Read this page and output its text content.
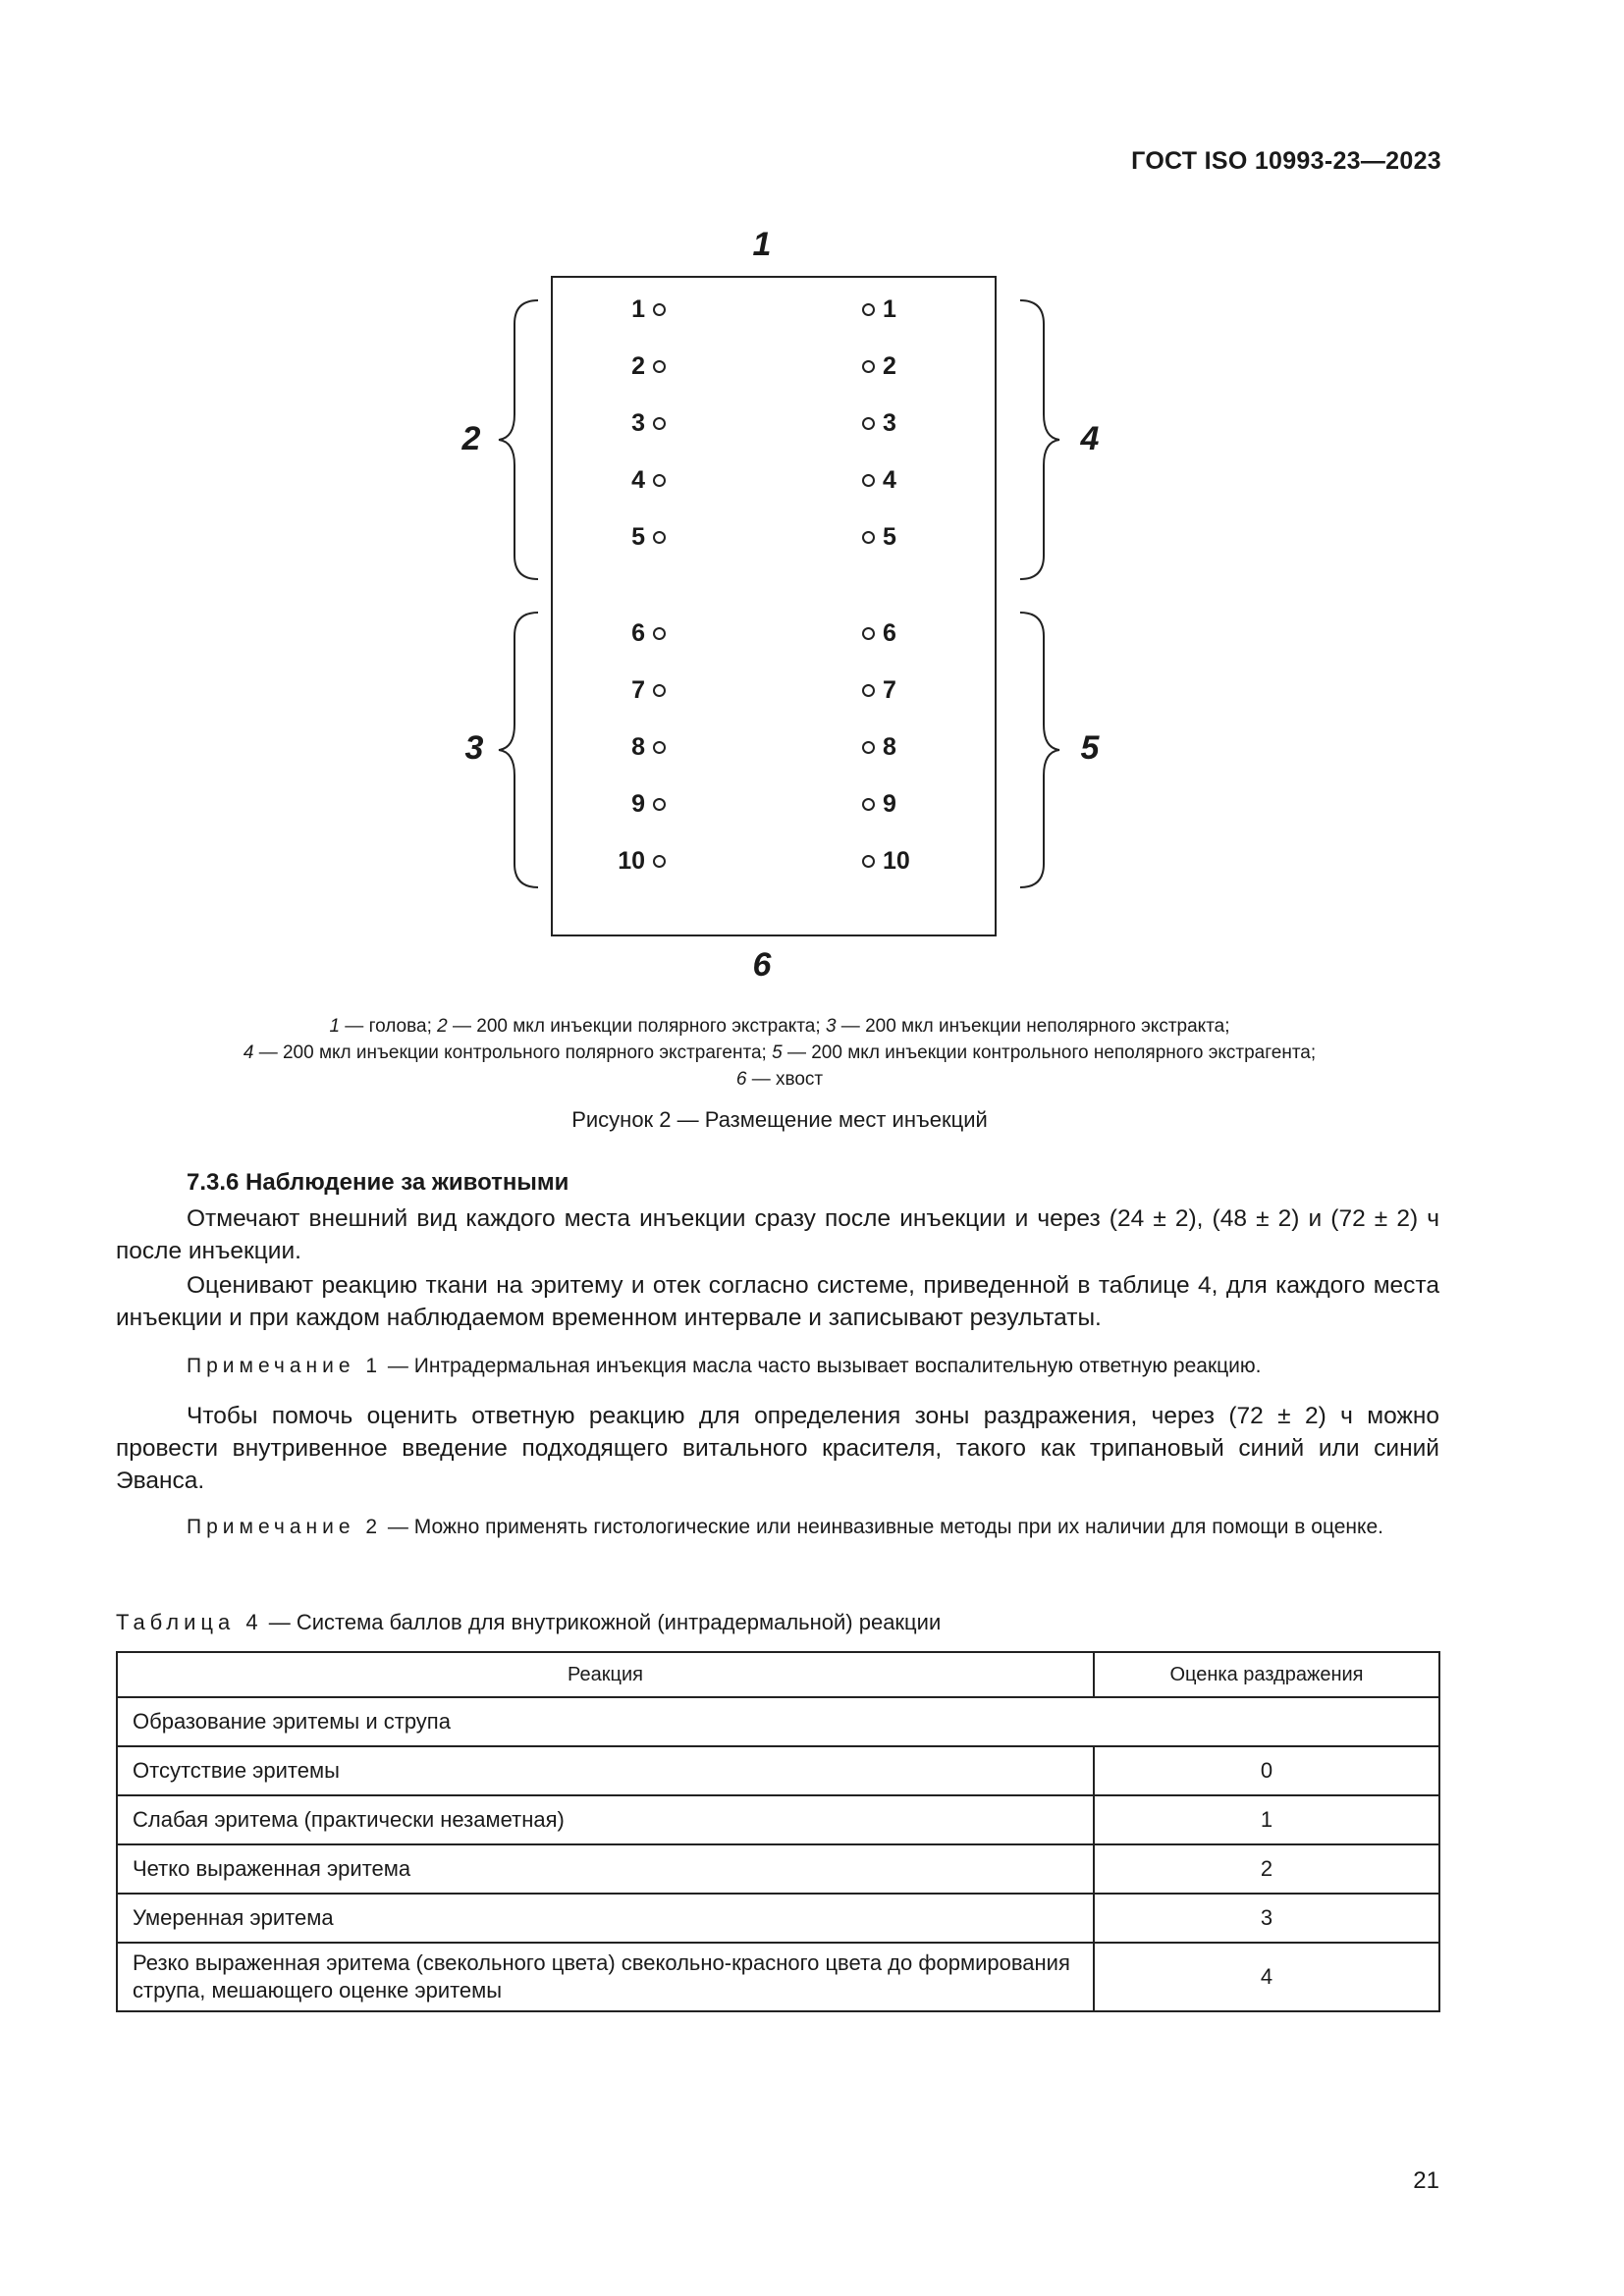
ГОСТ ISO 10993-23—2023
1
2
3
4
5
6
1
2
3
4
5
6
7
8
9
10
1
2
3
4
5
6
7
8
9
10
1 — голова; 2 — 200 мкл инъекции полярного экстракта; 3 — 200 мкл инъекции неполярного экстракта;
4 — 200 мкл инъекции контрольного полярного экстрагента; 5 — 200 мкл инъекции контрольного неполярного экстрагента;
6 — хвост
Рисунок 2 — Размещение мест инъекций
7.3.6 Наблюдение за животными
Отмечают внешний вид каждого места инъекции сразу после инъекции и через (24 ± 2), (48 ± 2) и (72 ± 2) ч после инъекции.
Оценивают реакцию ткани на эритему и отек согласно системе, приведенной в таблице 4, для каждого места инъекции и при каждом наблюдаемом временном интервале и записывают результаты.
Примечание 1 — Интрадермальная инъекция масла часто вызывает воспалительную ответную реакцию.
Чтобы помочь оценить ответную реакцию для определения зоны раздражения, через (72 ± 2) ч можно провести внутривенное введение подходящего витального красителя, такого как трипановый синий или синий Эванса.
Примечание 2 — Можно применять гистологические или неинвазивные методы при их наличии для помощи в оценке.
Таблица 4 — Система баллов для внутрикожной (интрадермальной) реакции
Реакция	Оценка раздражения
Образование эритемы и струпа	
Отсутствие эритемы	0
Слабая эритема (практически незаметная)	1
Четко выраженная эритема	2
Умеренная эритема	3
Резко выраженная эритема (свекольного цвета) свекольно-красного цвета до формирования струпа, мешающего оценке эритемы	4
21
